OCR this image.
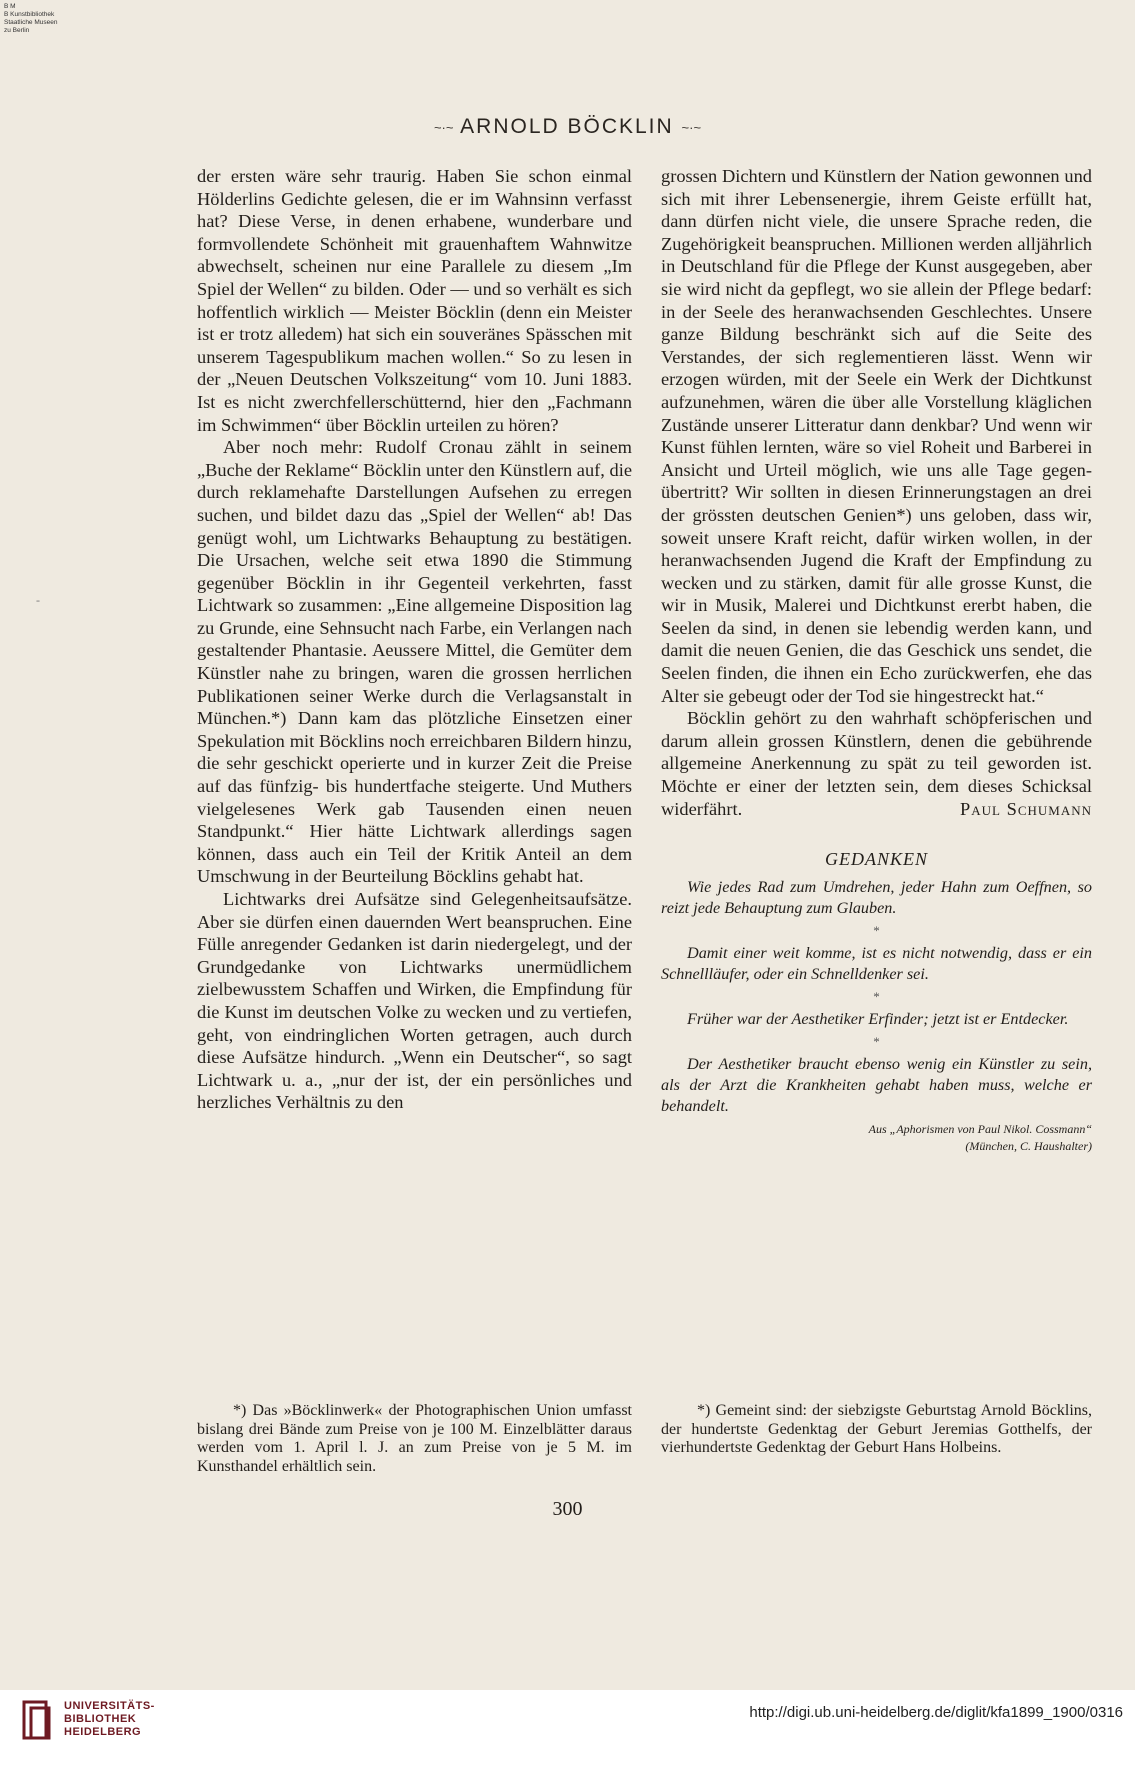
B M
B Kunstbibliothek
Staatliche Museen
zu Berlin
~·~ ARNOLD BÖCKLIN ~·~
-

der ersten wäre sehr traurig. Haben Sie schon einmal Hölderlins Gedichte gelesen, die er im Wahnsinn verfasst hat? Diese Verse, in denen erhabene, wunderbare und formvollendete Schönheit mit grauenhaftem Wahnwitze abwechselt, scheinen nur eine Parallele zu diesem „Im Spiel der Wellen“ zu bilden. Oder — und so verhält es sich hoffentlich wirklich — Meister Böcklin (denn ein Meister ist er trotz alledem) hat sich ein souveränes Spässchen mit unserem Tagespublikum machen wollen.“ So zu lesen in der „Neuen Deutschen Volkszeitung“ vom 10. Juni 1883. Ist es nicht zwerchfellerschütternd, hier den „Fachmann im Schwimmen“ über Böcklin urteilen zu hören?

Aber noch mehr: Rudolf Cronau zählt in seinem „Buche der Reklame“ Böcklin unter den Künstlern auf, die durch reklamehafte Darstellungen Aufsehen zu erregen suchen, und bildet dazu das „Spiel der Wellen“ ab! Das genügt wohl, um Lichtwarks Behauptung zu bestätigen. Die Ursachen, welche seit etwa 1890 die Stimmung gegenüber Böcklin in ihr Gegenteil verkehrten, fasst Lichtwark so zusammen: „Eine allgemeine Disposition lag zu Grunde, eine Sehnsucht nach Farbe, ein Verlangen nach gestaltender Phantasie. Aeussere Mittel, die Gemüter dem Künstler nahe zu bringen, waren die grossen herrlichen Publikationen seiner Werke durch die Verlagsanstalt in München.*) Dann kam das plötzliche Einsetzen einer Spekulation mit Böcklins noch erreichbaren Bildern hinzu, die sehr geschickt operierte und in kurzer Zeit die Preise auf das fünfzig- bis hundertfache steigerte. Und Muthers vielgelesenes Werk gab Tausenden einen neuen Standpunkt.“ Hier hätte Lichtwark allerdings sagen können, dass auch ein Teil der Kritik Anteil an dem Umschwung in der Beurteilung Böcklins gehabt hat.

Lichtwarks drei Aufsätze sind Gelegenheitsaufsätze. Aber sie dürfen einen dauernden Wert beanspruchen. Eine Fülle anregender Gedanken ist darin niedergelegt, und der Grundgedanke von Lichtwarks unermüdlichem zielbewusstem Schaffen und Wirken, die Empfindung für die Kunst im deutschen Volke zu wecken und zu vertiefen, geht, von eindringlichen Worten getragen, auch durch diese Aufsätze hindurch. „Wenn ein Deutscher“, so sagt Lichtwark u. a., „nur der ist, der ein persönliches und herzliches Verhältnis zu den

grossen Dichtern und Künstlern der Nation gewonnen und sich mit ihrer Lebensenergie, ihrem Geiste erfüllt hat, dann dürfen nicht viele, die unsere Sprache reden, die Zugehörigkeit beanspruchen. Millionen werden alljährlich in Deutschland für die Pflege der Kunst ausgegeben, aber sie wird nicht da gepflegt, wo sie allein der Pflege bedarf: in der Seele des heranwachsenden Geschlechtes. Unsere ganze Bildung beschränkt sich auf die Seite des Verstandes, der sich reglementieren lässt. Wenn wir erzogen würden, mit der Seele ein Werk der Dichtkunst aufzunehmen, wären die über alle Vorstellung kläglichen Zustände unserer Litteratur dann denkbar? Und wenn wir Kunst fühlen lernten, wäre so viel Roheit und Barberei in Ansicht und Urteil möglich, wie uns alle Tage gegenübertritt? Wir sollten in diesen Erinnerungstagen an drei der grössten deutschen Genien*) uns geloben, dass wir, soweit unsere Kraft reicht, dafür wirken wollen, in der heranwachsenden Jugend die Kraft der Empfindung zu wecken und zu stärken, damit für alle grosse Kunst, die wir in Musik, Malerei und Dichtkunst ererbt haben, die Seelen da sind, in denen sie lebendig werden kann, und damit die neuen Genien, die das Geschick uns sendet, die Seelen finden, die ihnen ein Echo zurückwerfen, ehe das Alter sie gebeugt oder der Tod sie hingestreckt hat.“

Böcklin gehört zu den wahrhaft schöpferischen und darum allein grossen Künstlern, denen die gebührende allgemeine Anerkennung zu spät zu teil geworden ist. Möchte er einer der letzten sein, dem dieses Schicksal widerfährt.	Paul Schumann
GEDANKEN
Wie jedes Rad zum Umdrehen, jeder Hahn zum Oeffnen, so reizt jede Behauptung zum Glauben.
*
Damit einer weit komme, ist es nicht notwendig, dass er ein Schnellläufer, oder ein Schnelldenker sei.
*
Früher war der Aesthetiker Erfinder; jetzt ist er Entdecker.
*
Der Aesthetiker braucht ebenso wenig ein Künstler zu sein, als der Arzt die Krankheiten gehabt haben muss, welche er behandelt.
Aus „Aphorismen von Paul Nikol. Cossmann“
(München, C. Haushalter)

*) Das »Böcklinwerk« der Photographischen Union umfasst bislang drei Bände zum Preise von je 100 M. Einzelblätter daraus werden vom 1. April l. J. an zum Preise von je 5 M. im Kunsthandel erhältlich sein.

*) Gemeint sind: der siebzigste Geburtstag Arnold Böcklins, der hundertste Gedenktag der Geburt Jeremias Gotthelfs, der vierhundertste Gedenktag der Geburt Hans Holbeins.

300
UNIVERSITÄTS-
BIBLIOTHEK
HEIDELBERG
http://digi.ub.uni-heidelberg.de/diglit/kfa1899_1900/0316
